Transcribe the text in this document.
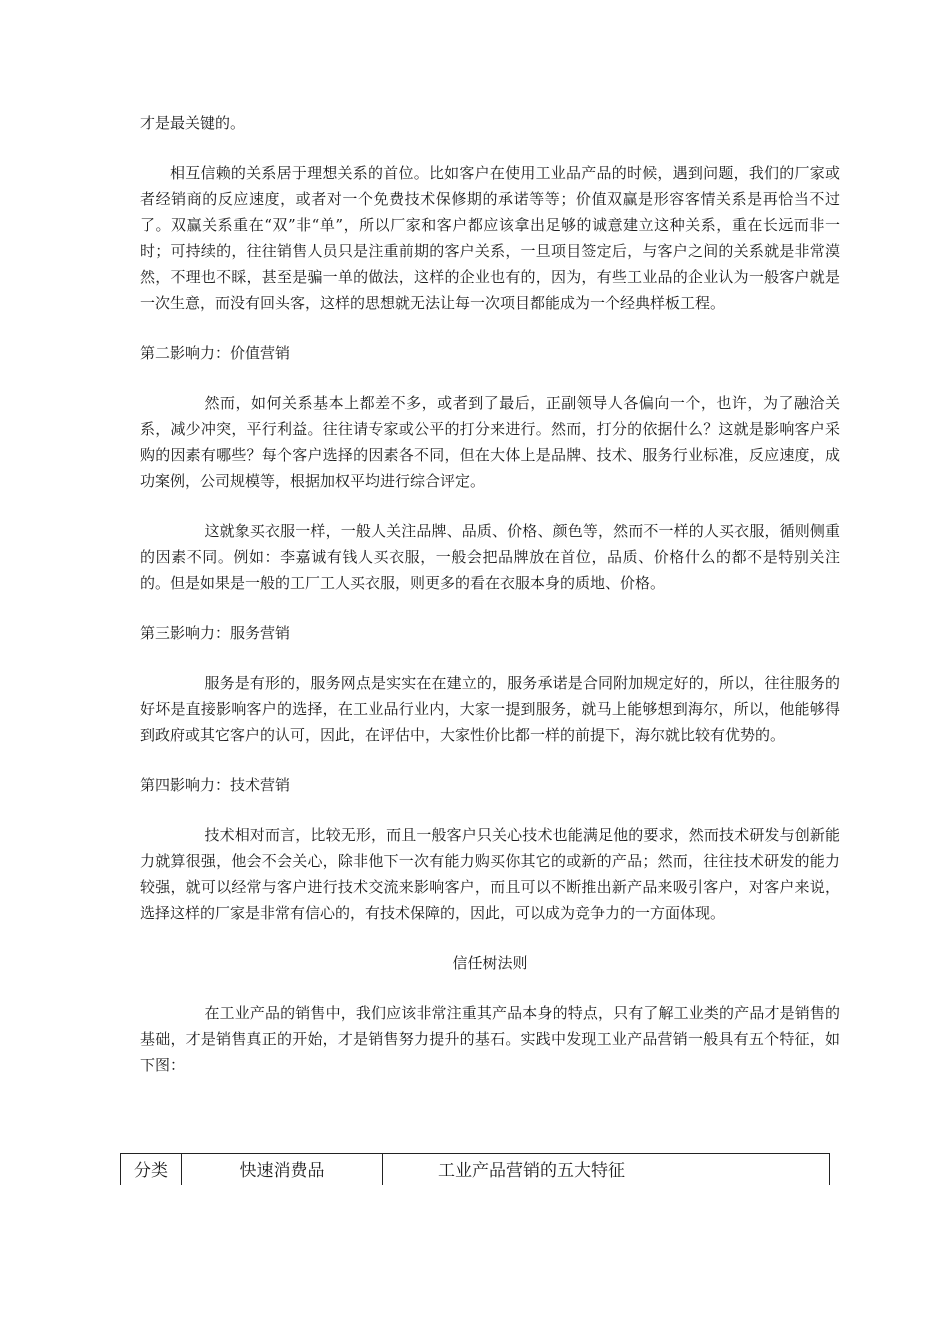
才是最关键的。

相互信赖的关系居于理想关系的首位。比如客户在使用工业品产品的时候，遇到问题，我们的厂家或者经销商的反应速度，或者对一个免费技术保修期的承诺等等；价值双赢是形容客情关系是再恰当不过了。双赢关系重在“双”非“单”，所以厂家和客户都应该拿出足够的诚意建立这种关系，重在长远而非一时；可持续的，往往销售人员只是注重前期的客户关系，一旦项目签定后，与客户之间的关系就是非常漠然，不理也不睬，甚至是骗一单的做法，这样的企业也有的，因为，有些工业品的企业认为一般客户就是一次生意，而没有回头客，这样的思想就无法让每一次项目都能成为一个经典样板工程。

第二影响力：价值营销

然而，如何关系基本上都差不多，或者到了最后，正副领导人各偏向一个，也许，为了融洽关系，减少冲突，平行利益。往往请专家或公平的打分来进行。然而，打分的依据什么？这就是影响客户采购的因素有哪些？每个客户选择的因素各不同，但在大体上是品牌、技术、服务行业标准，反应速度，成功案例，公司规模等，根据加权平均进行综合评定。

这就象买衣服一样，一般人关注品牌、品质、价格、颜色等，然而不一样的人买衣服，循则侧重的因素不同。例如：李嘉诚有钱人买衣服，一般会把品牌放在首位，品质、价格什么的都不是特别关注的。但是如果是一般的工厂工人买衣服，则更多的看在衣服本身的质地、价格。

第三影响力：服务营销

服务是有形的，服务网点是实实在在建立的，服务承诺是合同附加规定好的，所以，往往服务的好坏是直接影响客户的选择，在工业品行业内，大家一提到服务，就马上能够想到海尔，所以，他能够得到政府或其它客户的认可，因此，在评估中，大家性价比都一样的前提下，海尔就比较有优势的。

第四影响力：技术营销

技术相对而言，比较无形，而且一般客户只关心技术也能满足他的要求，然而技术研发与创新能力就算很强，他会不会关心，除非他下一次有能力购买你其它的或新的产品；然而，往往技术研发的能力较强，就可以经常与客户进行技术交流来影响客户，而且可以不断推出新产品来吸引客户，对客户来说，选择这样的厂家是非常有信心的，有技术保障的，因此，可以成为竞争力的一方面体现。

信任树法则

在工业产品的销售中，我们应该非常注重其产品本身的特点，只有了解工业类的产品才是销售的基础，才是销售真正的开始，才是销售努力提升的基石。实践中发现工业产品营销一般具有五个特征，如下图：

分类	快速消费品	工业产品营销的五大特征
